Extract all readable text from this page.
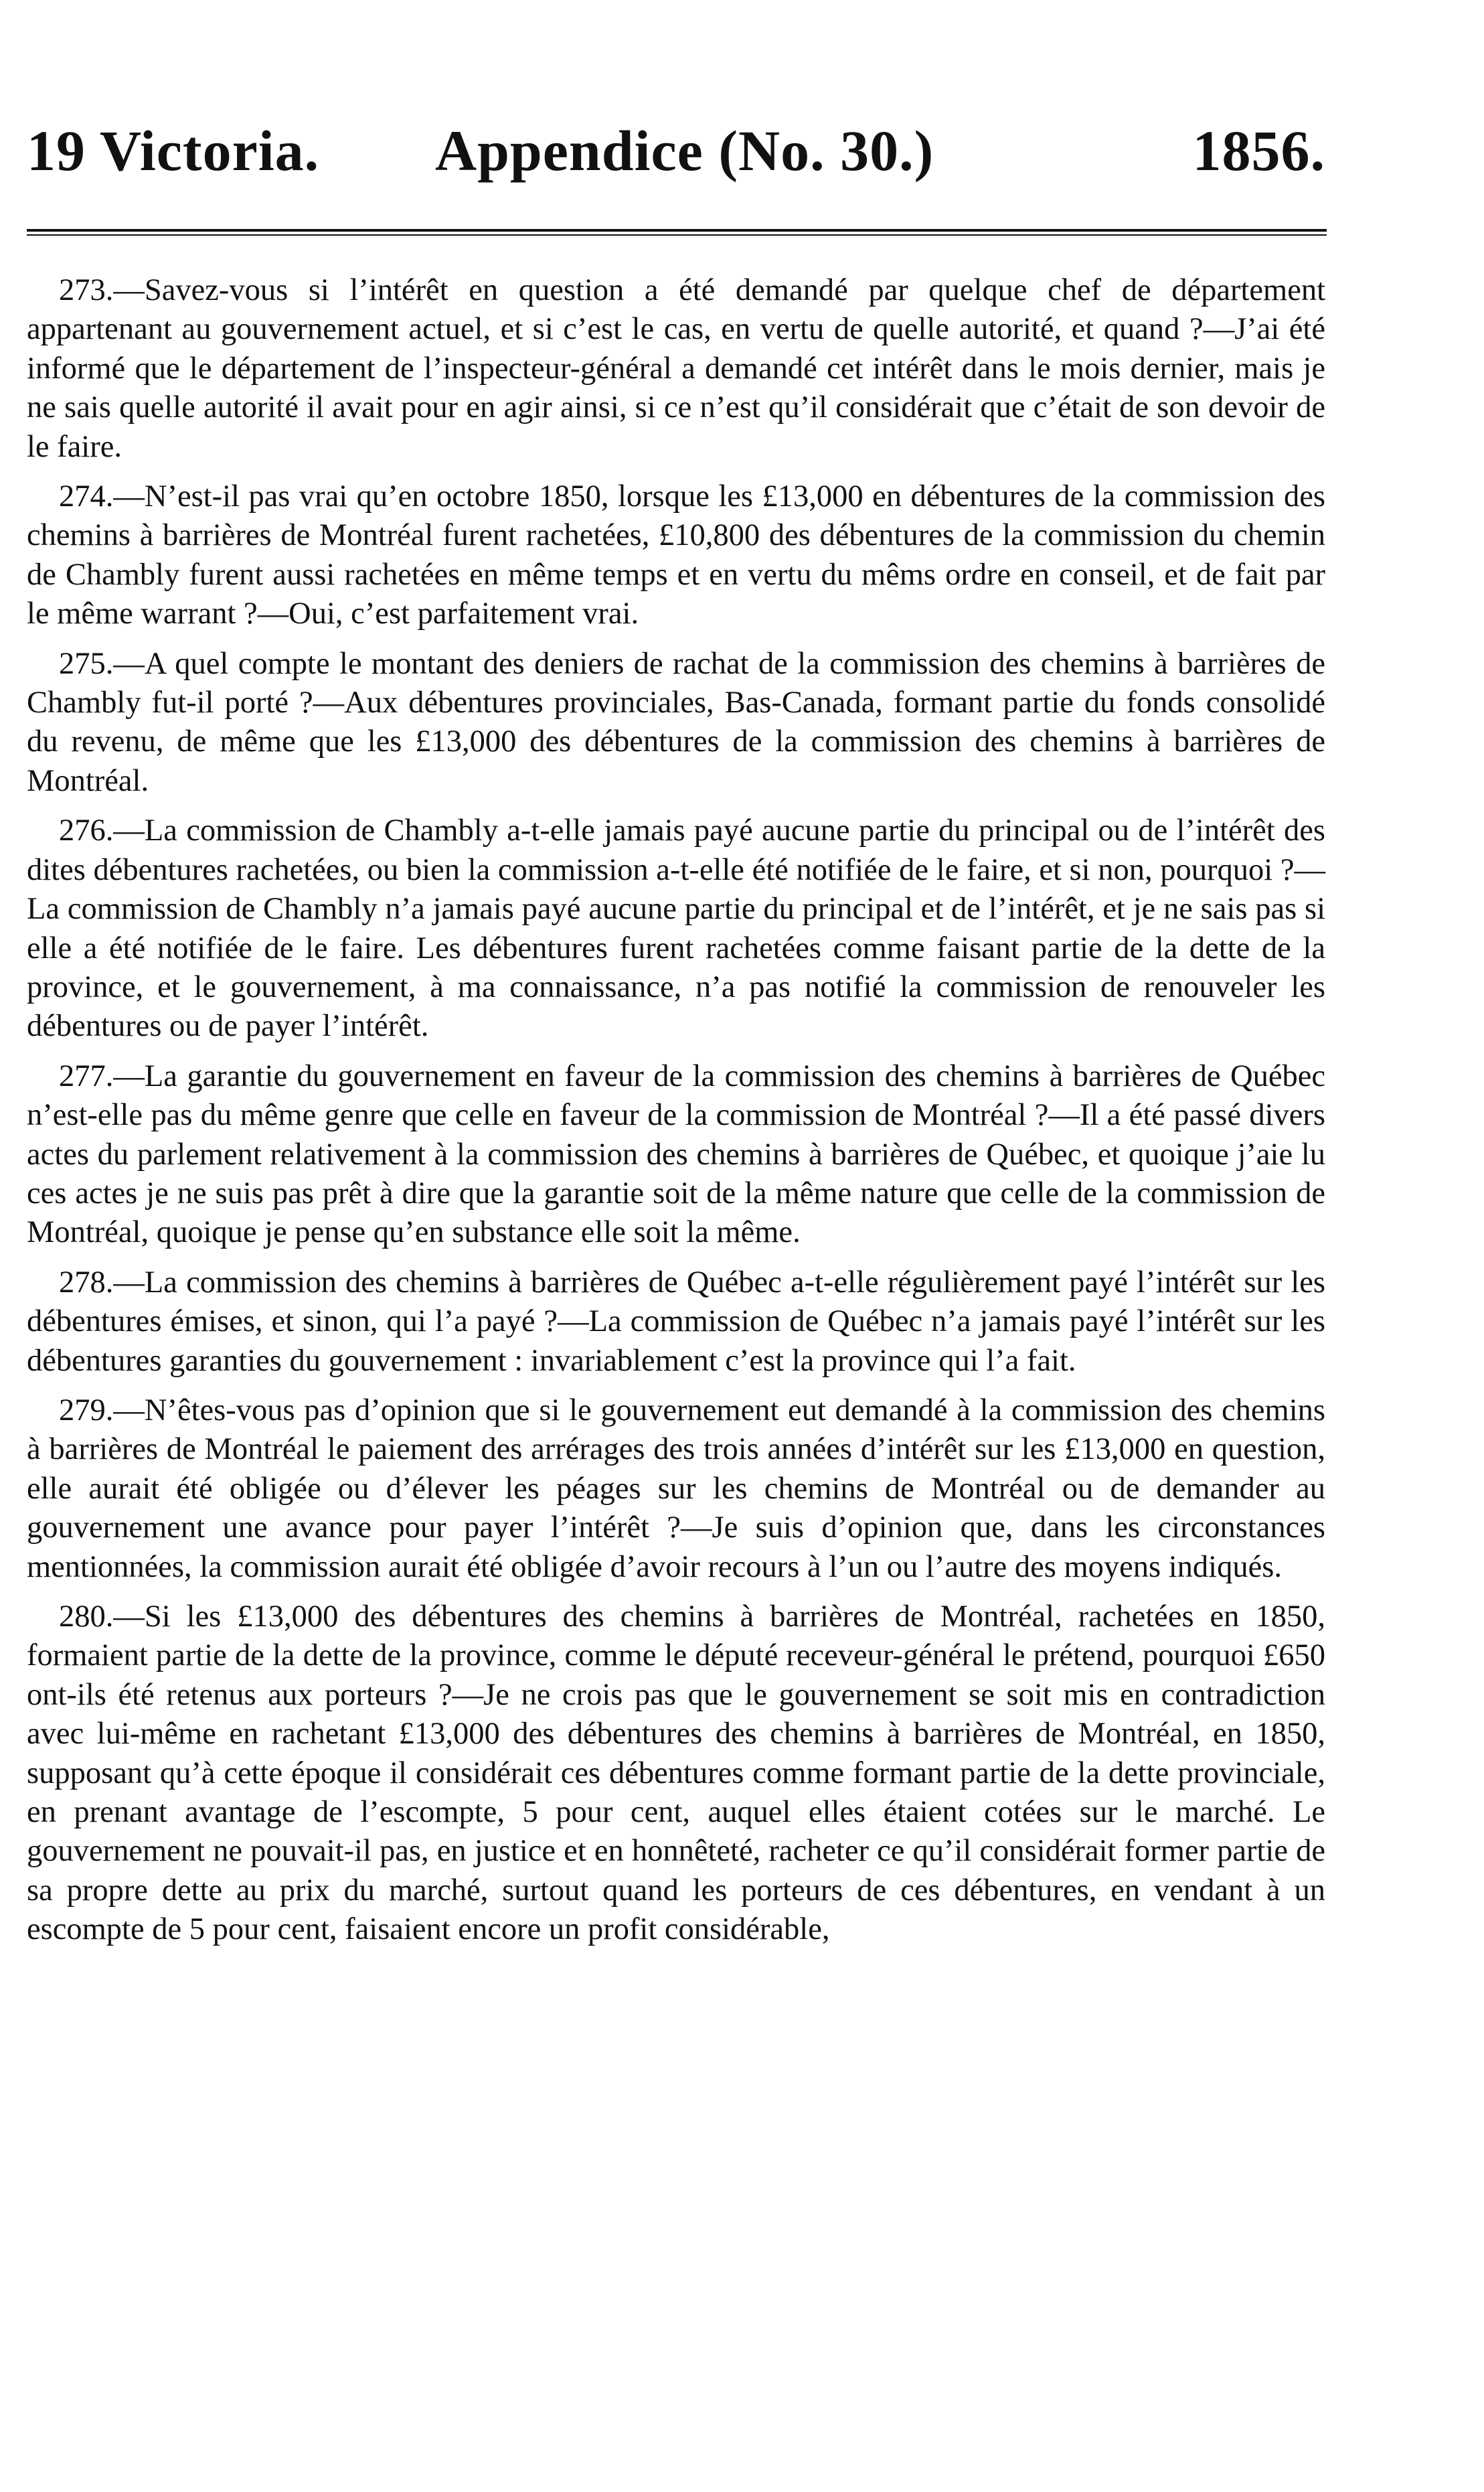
19 Victoria. Appendice (No. 30.)	1856.

273.—Savez-vous si l’intérêt en question a été demandé par quelque chef de département appartenant au gouvernement actuel, et si c’est le cas, en vertu de quelle autorité, et quand ?—J’ai été informé que le département de l’inspecteur-général a demandé cet intérêt dans le mois dernier, mais je ne sais quelle autorité il avait pour en agir ainsi, si ce n’est qu’il considérait que c’était de son devoir de le faire.

274.—N’est-il pas vrai qu’en octobre 1850, lorsque les £13,000 en débentures de la commission des chemins à barrières de Montréal furent rachetées, £10,800 des débentures de la commission du chemin de Chambly furent aussi rachetées en même temps et en vertu du mêms ordre en conseil, et de fait par le même warrant ?—Oui, c’est parfaitement vrai.

275.—A quel compte le montant des deniers de rachat de la commission des chemins à barrières de Chambly fut-il porté ?—Aux débentures provinciales, Bas-Canada, formant partie du fonds consolidé du revenu, de même que les £13,000 des débentures de la commission des chemins à barrières de Montréal.

276.—La commission de Chambly a-t-elle jamais payé aucune partie du principal ou de l’intérêt des dites débentures rachetées, ou bien la commission a-t-elle été notifiée de le faire, et si non, pourquoi ?—La commission de Chambly n’a jamais payé aucune partie du principal et de l’intérêt, et je ne sais pas si elle a été notifiée de le faire. Les débentures furent rachetées comme faisant partie de la dette de la province, et le gouvernement, à ma connaissance, n’a pas notifié la commission de renouveler les débentures ou de payer l’intérêt.

277.—La garantie du gouvernement en faveur de la commission des chemins à barrières de Québec n’est-elle pas du même genre que celle en faveur de la commission de Montréal ?—Il a été passé divers actes du parlement relativement à la commission des chemins à barrières de Québec, et quoique j’aie lu ces actes je ne suis pas prêt à dire que la garantie soit de la même nature que celle de la commission de Montréal, quoique je pense qu’en substance elle soit la même.

278.—La commission des chemins à barrières de Québec a-t-elle régulièrement payé l’intérêt sur les débentures émises, et sinon, qui l’a payé ?—La commission de Québec n’a jamais payé l’intérêt sur les débentures garanties du gouvernement : invariablement c’est la province qui l’a fait.

279.—N’êtes-vous pas d’opinion que si le gouvernement eut demandé à la commission des chemins à barrières de Montréal le paiement des arrérages des trois années d’intérêt sur les £13,000 en question, elle aurait été obligée ou d’élever les péages sur les chemins de Montréal ou de demander au gouvernement une avance pour payer l’intérêt ?—Je suis d’opinion que, dans les circonstances mentionnées, la commission aurait été obligée d’avoir recours à l’un ou l’autre des moyens indiqués.

280.—Si les £13,000 des débentures des chemins à barrières de Montréal, rachetées en 1850, formaient partie de la dette de la province, comme le député receveur-général le prétend, pourquoi £650 ont-ils été retenus aux porteurs ?—Je ne crois pas que le gouvernement se soit mis en contradiction avec lui-même en rachetant £13,000 des débentures des chemins à barrières de Montréal, en 1850, supposant qu’à cette époque il considérait ces débentures comme formant partie de la dette provinciale, en prenant avantage de l’escompte, 5 pour cent, auquel elles étaient cotées sur le marché. Le gouvernement ne pouvait-il pas, en justice et en honnêteté, racheter ce qu’il considérait former partie de sa propre dette au prix du marché, surtout quand les porteurs de ces débentures, en vendant à un escompte de 5 pour cent, faisaient encore un profit considérable,
